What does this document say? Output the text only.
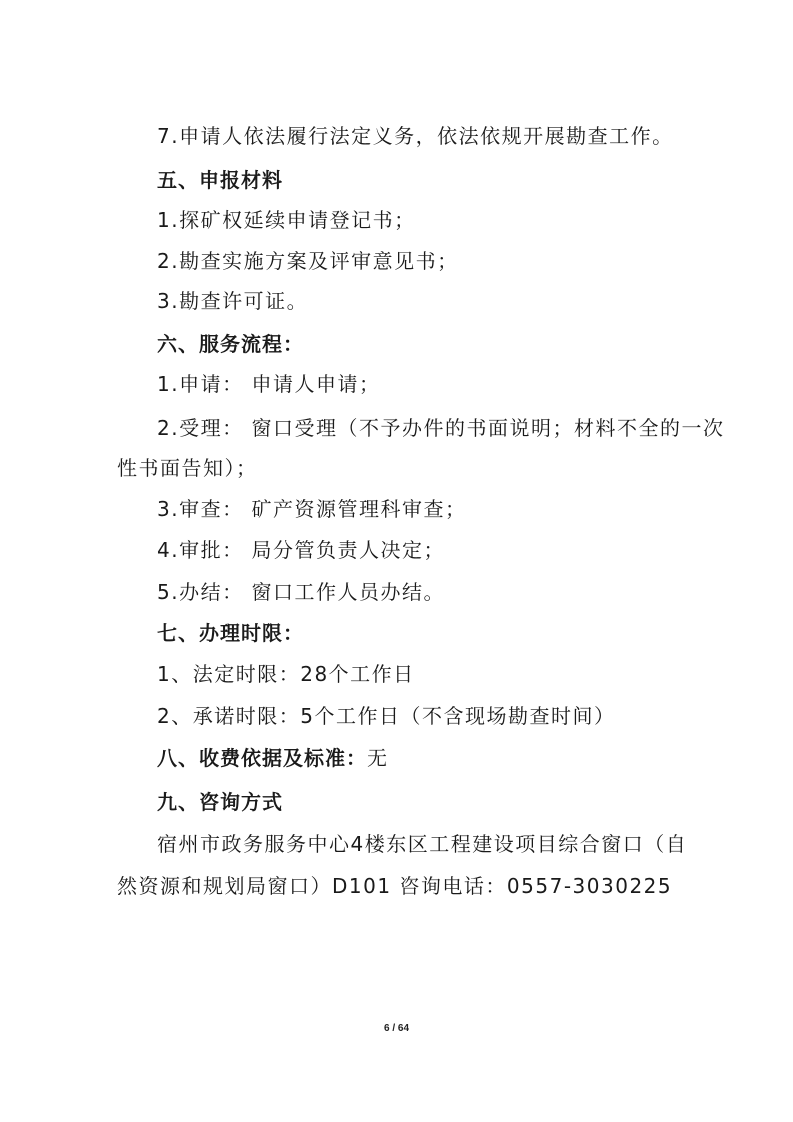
7.申请人依法履行法定义务，依法依规开展勘查工作。
五、申报材料
1.探矿权延续申请登记书；
2.勘查实施方案及评审意见书；
3.勘查许可证。
六、服务流程：
1.申请： 申请人申请；
2.受理： 窗口受理（不予办件的书面说明；材料不全的一次
性书面告知）；
3.审查： 矿产资源管理科审查；
4.审批： 局分管负责人决定；
5.办结： 窗口工作人员办结。
七、办理时限：
1、法定时限：28个工作日
2、承诺时限：5个工作日（不含现场勘查时间）
八、收费依据及标准：无
九、咨询方式
宿州市政务服务中心4楼东区工程建设项目综合窗口（自
然资源和规划局窗口）D101 咨询电话：0557-3030225
6 / 64
